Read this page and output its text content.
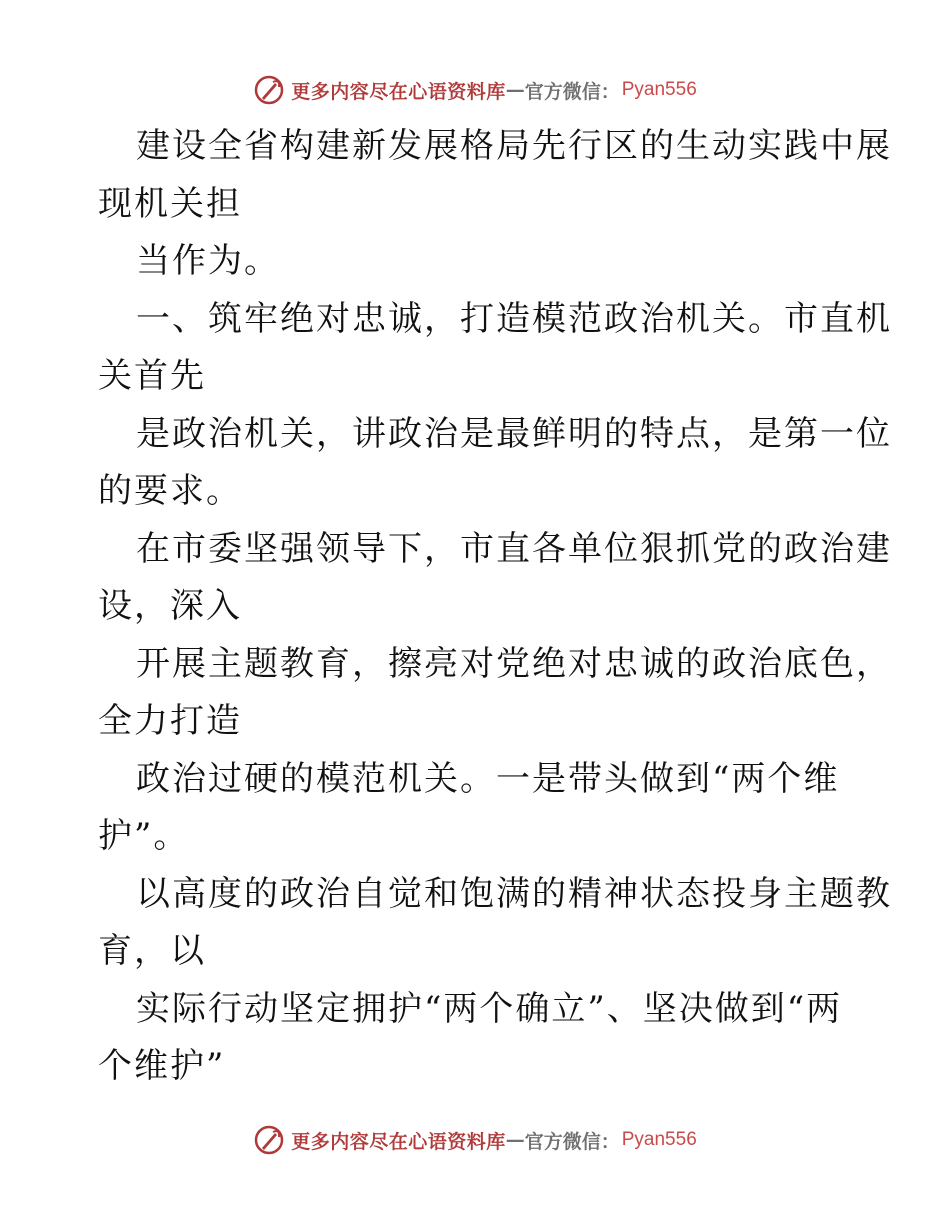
更多内容尽在心语资料库 — 官方微信： Pyan556
建设全省构建新发展格局先行区的生动实践中展
现机关担
当作为。
一、筑牢绝对忠诚，打造模范政治机关。市直机
关首先
是政治机关，讲政治是最鲜明的特点，是第一位
的要求。
在市委坚强领导下，市直各单位狠抓党的政治建
设，深入
开展主题教育，擦亮对党绝对忠诚的政治底色，
全力打造
政治过硬的模范机关。一是带头做到“两个维
护”。
以高度的政治自觉和饱满的精神状态投身主题教
育，以
实际行动坚定拥护“两个确立”、坚决做到“两
个维护”
更多内容尽在心语资料库 — 官方微信： Pyan556
